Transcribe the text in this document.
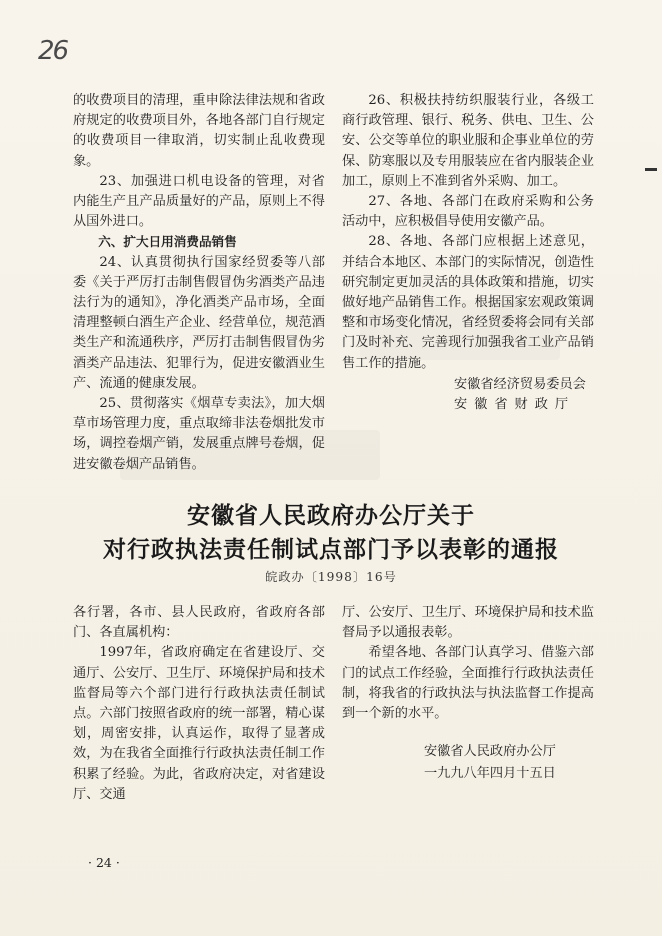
26

的收费项目的清理，重申除法律法规和省政府规定的收费项目外，各地各部门自行规定的收费项目一律取消，切实制止乱收费现象。

23、加强进口机电设备的管理，对省内能生产且产品质量好的产品，原则上不得从国外进口。

六、扩大日用消费品销售

24、认真贯彻执行国家经贸委等八部委《关于严厉打击制售假冒伪劣酒类产品违法行为的通知》，净化酒类产品市场，全面清理整顿白酒生产企业、经营单位，规范酒类生产和流通秩序，严厉打击制售假冒伪劣酒类产品违法、犯罪行为，促进安徽酒业生产、流通的健康发展。

25、贯彻落实《烟草专卖法》，加大烟草市场管理力度，重点取缔非法卷烟批发市场，调控卷烟产销，发展重点牌号卷烟，促进安徽卷烟产品销售。

26、积极扶持纺织服装行业，各级工商行政管理、银行、税务、供电、卫生、公安、公交等单位的职业服和企事业单位的劳保、防寒服以及专用服装应在省内服装企业加工，原则上不准到省外采购、加工。

27、各地、各部门在政府采购和公务活动中，应积极倡导使用安徽产品。

28、各地、各部门应根据上述意见，并结合本地区、本部门的实际情况，创造性研究制定更加灵活的具体政策和措施，切实做好地产品销售工作。根据国家宏观政策调整和市场变化情况，省经贸委将会同有关部门及时补充、完善现行加强我省工业产品销售工作的措施。

安徽省经济贸易委员会
安徽省财政厅
安徽省人民政府办公厅关于
对行政执法责任制试点部门予以表彰的通报
皖政办〔1998〕16号

各行署，各市、县人民政府，省政府各部门、各直属机构：

1997年，省政府确定在省建设厅、交通厅、公安厅、卫生厅、环境保护局和技术监督局等六个部门进行行政执法责任制试点。六部门按照省政府的统一部署，精心谋划，周密安排，认真运作，取得了显著成效，为在我省全面推行行政执法责任制工作积累了经验。为此，省政府决定，对省建设厅、交通

厅、公安厅、卫生厅、环境保护局和技术监督局予以通报表彰。

希望各地、各部门认真学习、借鉴六部门的试点工作经验，全面推行行政执法责任制，将我省的行政执法与执法监督工作提高到一个新的水平。

安徽省人民政府办公厅
一九九八年四月十五日
· 24 ·
